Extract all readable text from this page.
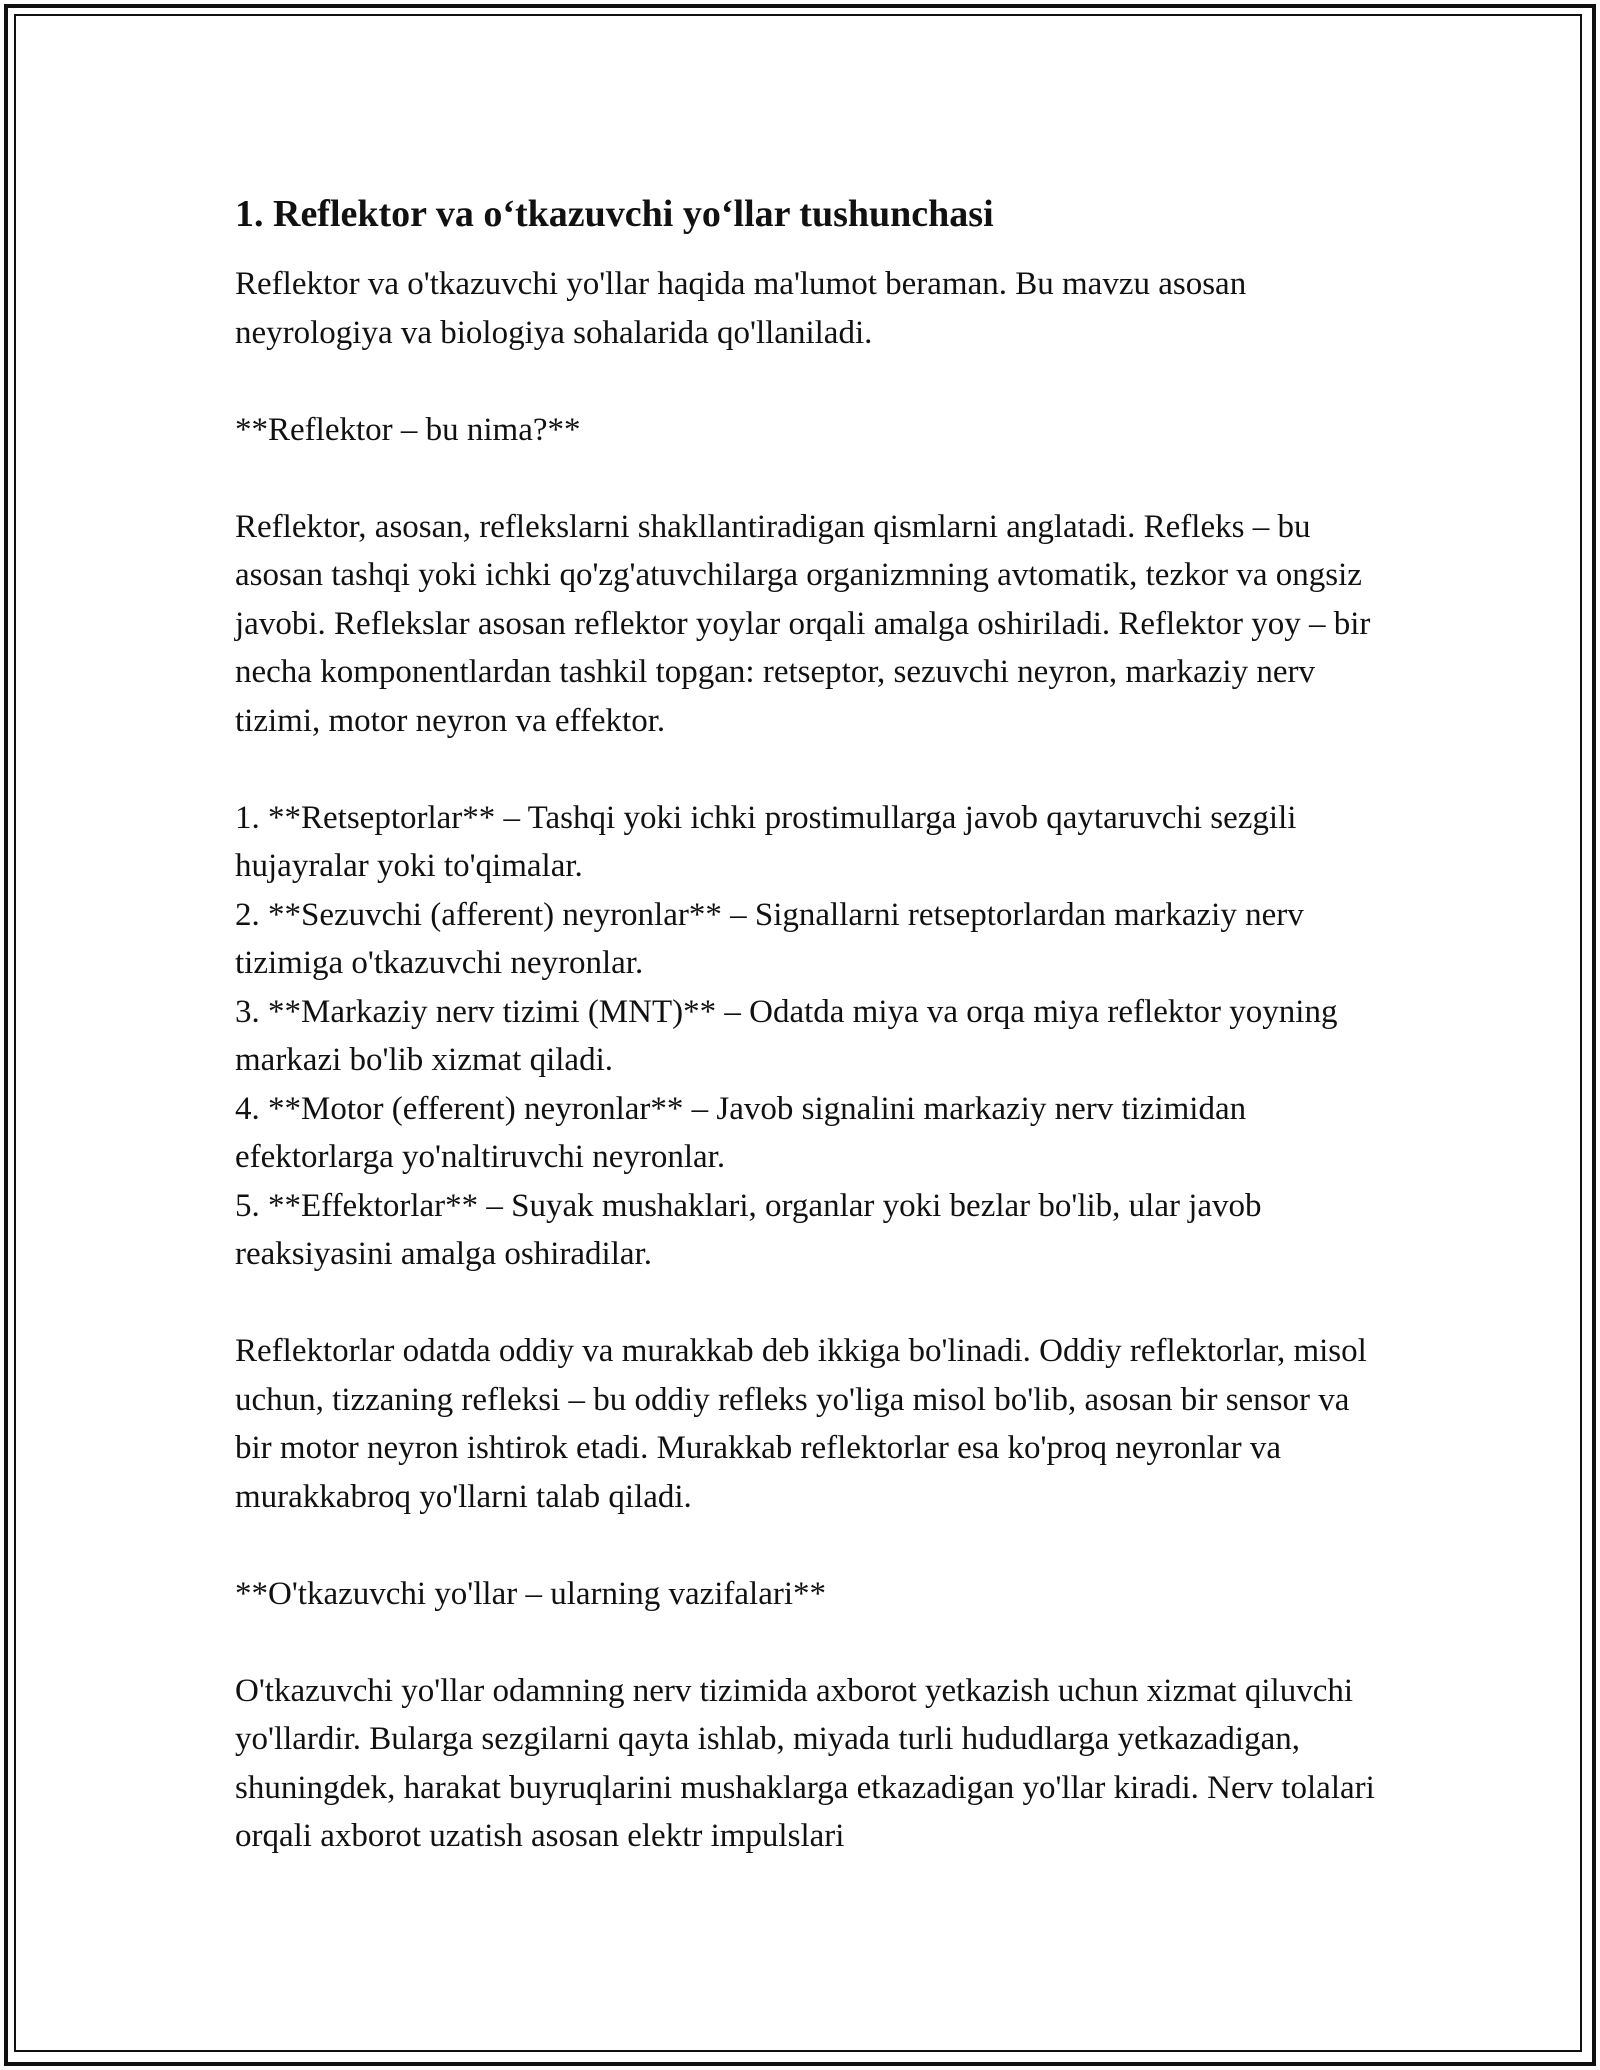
1. Reflektor va o‘tkazuvchi yo‘llar tushunchasi

Reflektor va o'tkazuvchi yo'llar haqida ma'lumot beraman. Bu mavzu asosan neyrologiya va biologiya sohalarida qo'llaniladi.

**Reflektor – bu nima?**

Reflektor, asosan, reflekslarni shakllantiradigan qismlarni anglatadi. Refleks – bu asosan tashqi yoki ichki qo'zg'atuvchilarga organizmning avtomatik, tezkor va ongsiz javobi. Reflekslar asosan reflektor yoylar orqali amalga oshiriladi. Reflektor yoy – bir necha komponentlardan tashkil topgan: retseptor, sezuvchi neyron, markaziy nerv tizimi, motor neyron va effektor.

1. **Retseptorlar** – Tashqi yoki ichki prostimullarga javob qaytaruvchi sezgili hujayralar yoki to'qimalar.

2. **Sezuvchi (afferent) neyronlar** – Signallarni retseptorlardan markaziy nerv tizimiga o'tkazuvchi neyronlar.

3. **Markaziy nerv tizimi (MNT)** – Odatda miya va orqa miya reflektor yoyning markazi bo'lib xizmat qiladi.

4. **Motor (efferent) neyronlar** – Javob signalini markaziy nerv tizimidan efektorlarga yo'naltiruvchi neyronlar.

5. **Effektorlar** – Suyak mushaklari, organlar yoki bezlar bo'lib, ular javob reaksiyasini amalga oshiradilar.

Reflektorlar odatda oddiy va murakkab deb ikkiga bo'linadi. Oddiy reflektorlar, misol uchun, tizzaning refleksi – bu oddiy refleks yo'liga misol bo'lib, asosan bir sensor va bir motor neyron ishtirok etadi. Murakkab reflektorlar esa ko'proq neyronlar va murakkabroq yo'llarni talab qiladi.

**O'tkazuvchi yo'llar – ularning vazifalari**

O'tkazuvchi yo'llar odamning nerv tizimida axborot yetkazish uchun xizmat qiluvchi yo'llardir. Bularga sezgilarni qayta ishlab, miyada turli hududlarga yetkazadigan, shuningdek, harakat buyruqlarini mushaklarga etkazadigan yo'llar kiradi. Nerv tolalari orqali axborot uzatish asosan elektr impulslari
